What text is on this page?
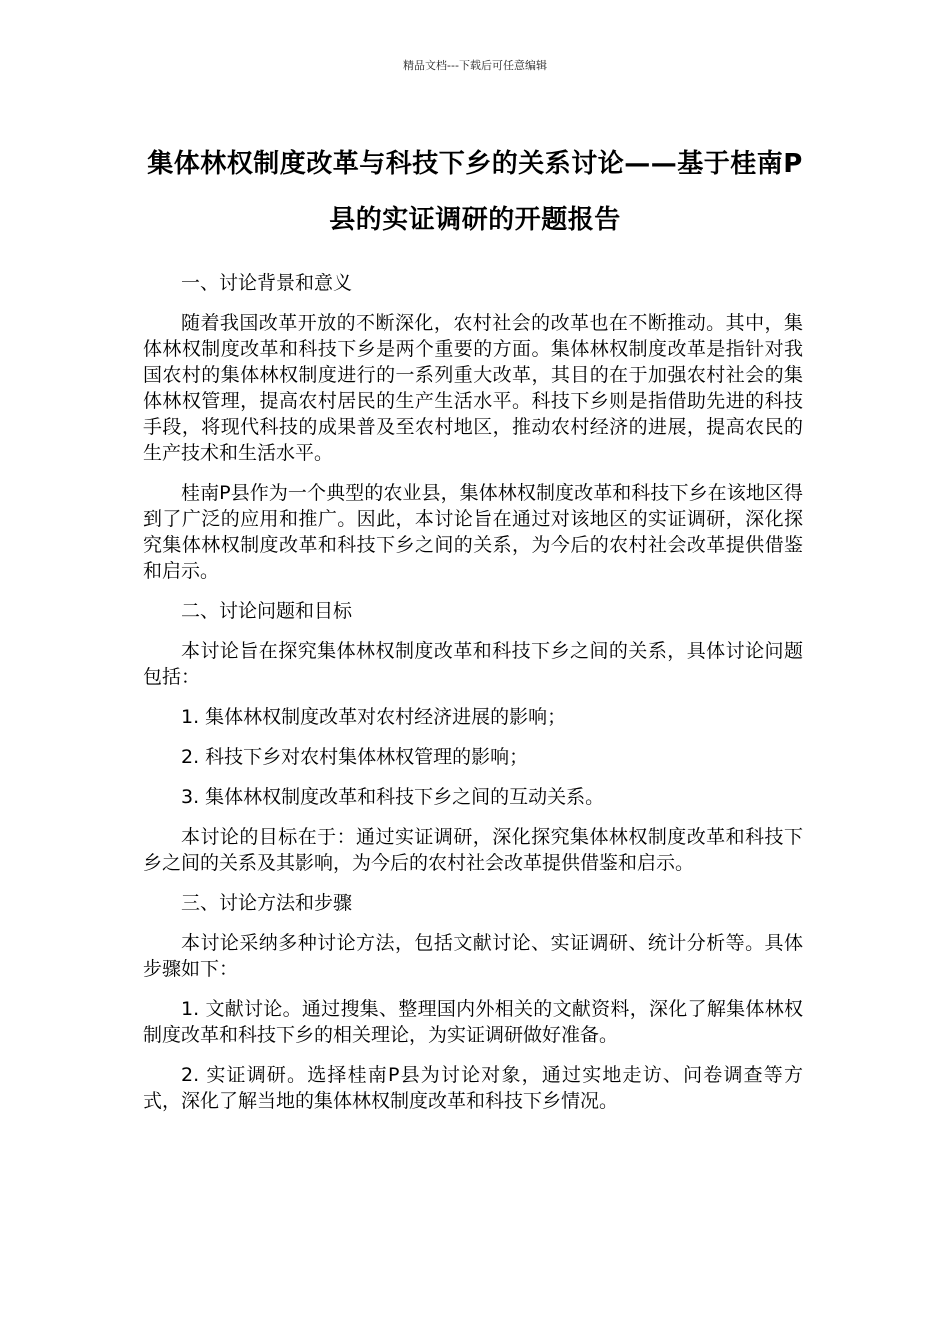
精品文档---下载后可任意编辑
集体林权制度改革与科技下乡的关系讨论——基于桂南P县的实证调研的开题报告

一、讨论背景和意义

随着我国改革开放的不断深化，农村社会的改革也在不断推动。其中，集体林权制度改革和科技下乡是两个重要的方面。集体林权制度改革是指针对我国农村的集体林权制度进行的一系列重大改革，其目的在于加强农村社会的集体林权管理，提高农村居民的生产生活水平。科技下乡则是指借助先进的科技手段，将现代科技的成果普及至农村地区，推动农村经济的进展，提高农民的生产技术和生活水平。

桂南P县作为一个典型的农业县，集体林权制度改革和科技下乡在该地区得到了广泛的应用和推广。因此，本讨论旨在通过对该地区的实证调研，深化探究集体林权制度改革和科技下乡之间的关系，为今后的农村社会改革提供借鉴和启示。

二、讨论问题和目标

本讨论旨在探究集体林权制度改革和科技下乡之间的关系，具体讨论问题包括：

1. 集体林权制度改革对农村经济进展的影响；

2. 科技下乡对农村集体林权管理的影响；

3. 集体林权制度改革和科技下乡之间的互动关系。

本讨论的目标在于：通过实证调研，深化探究集体林权制度改革和科技下乡之间的关系及其影响，为今后的农村社会改革提供借鉴和启示。

三、讨论方法和步骤

本讨论采纳多种讨论方法，包括文献讨论、实证调研、统计分析等。具体步骤如下：

1. 文献讨论。通过搜集、整理国内外相关的文献资料，深化了解集体林权制度改革和科技下乡的相关理论，为实证调研做好准备。

2. 实证调研。选择桂南P县为讨论对象，通过实地走访、问卷调查等方式，深化了解当地的集体林权制度改革和科技下乡情况。
